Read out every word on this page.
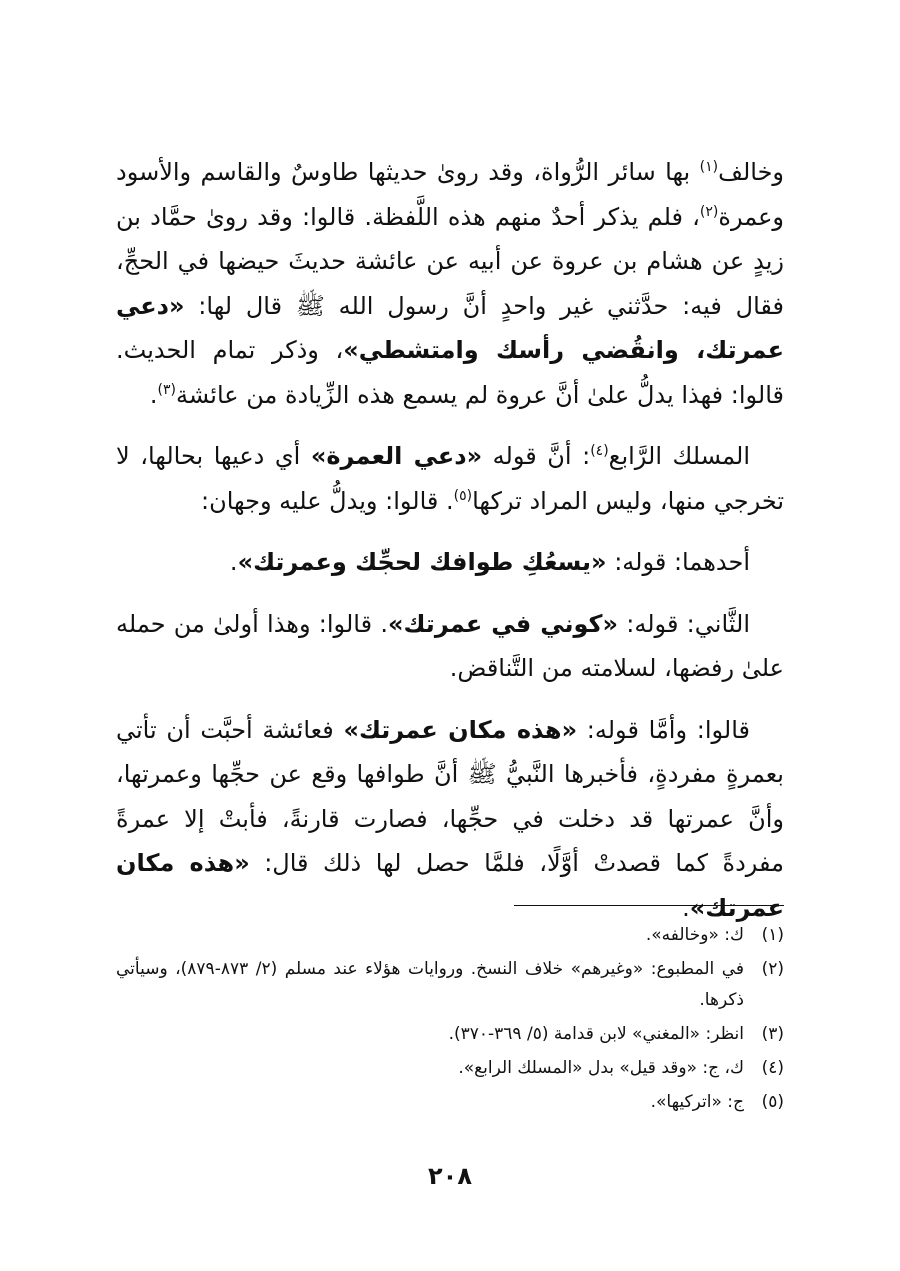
وخالف$^{(١)}$ بها سائر الرُّواة، وقد روىٰ حديثها طاوسٌ والقاسم والأسود وعمرة$^{(٢)}$، فلم يذكر أحدٌ منهم هذه اللَّفظة. قالوا: وقد روىٰ حمَّاد بن زيدٍ عن هشام بن عروة عن أبيه عن عائشة حديثَ حيضها في الحجِّ، فقال فيه: حدَّثني غير واحدٍ أنَّ رسول الله ﷺ قال لها: «دعي عمرتك، وانقُضي رأسك وامتشطي»، وذكر تمام الحديث. قالوا: فهذا يدلُّ علىٰ أنَّ عروة لم يسمع هذه الزِّيادة من عائشة$^{(٣)}$.

المسلك الرَّابع$^{(٤)}$: أنَّ قوله «دعي العمرة» أي دعيها بحالها، لا تخرجي منها، وليس المراد تركها$^{(٥)}$. قالوا: ويدلُّ عليه وجهان:

أحدهما: قوله: «يسعُكِ طوافك لحجِّك وعمرتك».

الثَّاني: قوله: «كوني في عمرتك». قالوا: وهذا أولىٰ من حمله علىٰ رفضها، لسلامته من التَّناقض.

قالوا: وأمَّا قوله: «هذه مكان عمرتك» فعائشة أحبَّت أن تأتي بعمرةٍ مفردةٍ، فأخبرها النَّبيُّ ﷺ أنَّ طوافها وقع عن حجِّها وعمرتها، وأنَّ عمرتها قد دخلت في حجِّها، فصارت قارنةً، فأبتْ إلا عمرةً مفردةً كما قصدتْ أوَّلًا، فلمَّا حصل لها ذلك قال: «هذه مكان عمرتك».

(١)
ك: «وخالفه».
(٢)
في المطبوع: «وغيرهم» خلاف النسخ. وروايات هؤلاء عند مسلم (٢/ ٨٧٣-٨٧٩)، وسيأتي ذكرها.
(٣)
انظر: «المغني» لابن قدامة (٥/ ٣٦٩-٣٧٠).
(٤)
ك، ج: «وقد قيل» بدل «المسلك الرابع».
(٥)
ج: «اتركيها».
٢٠٨
